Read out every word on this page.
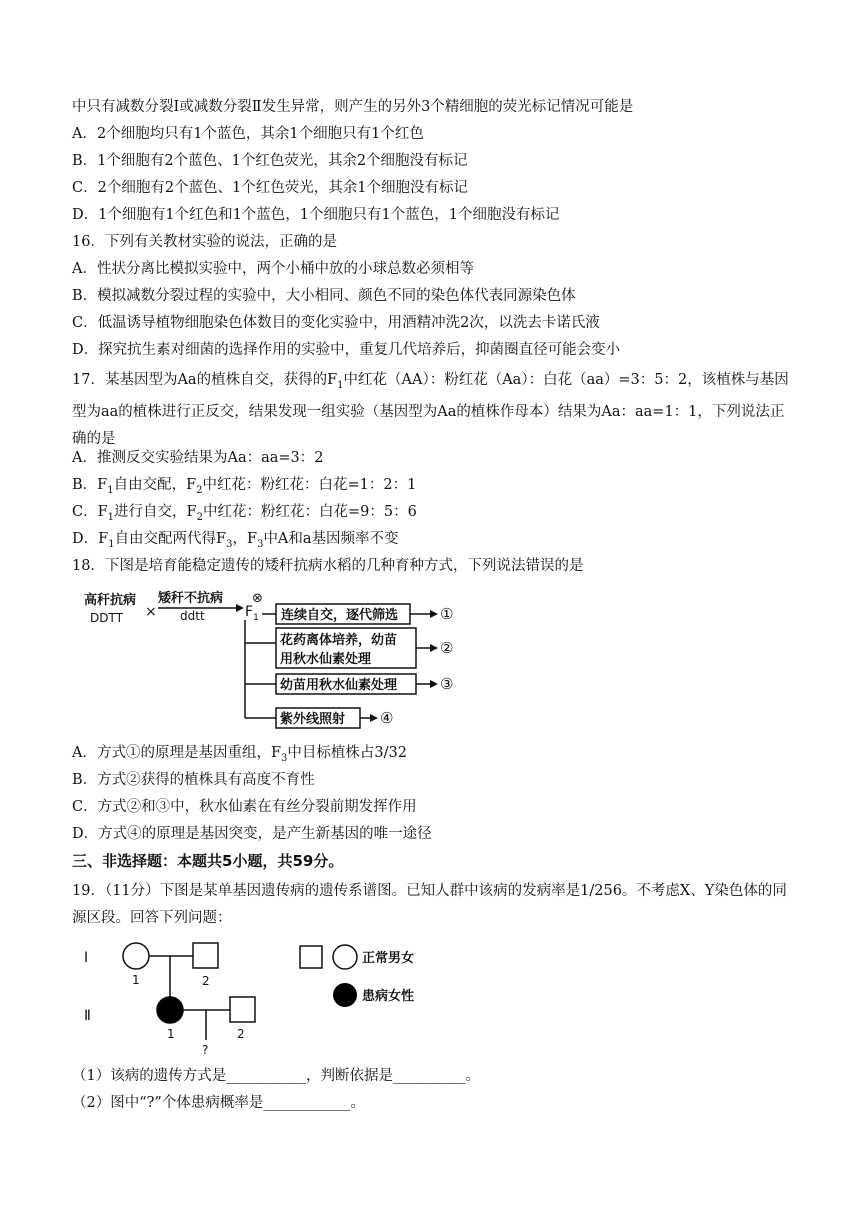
中只有减数分裂Ⅰ或减数分裂Ⅱ发生异常，则产生的另外3个精细胞的荧光标记情况可能是
A．2个细胞均只有1个蓝色，其余1个细胞只有1个红色
B．1个细胞有2个蓝色、1个红色荧光，其余2个细胞没有标记
C．2个细胞有2个蓝色、1个红色荧光，其余1个细胞没有标记
D．1个细胞有1个红色和1个蓝色，1个细胞只有1个蓝色，1个细胞没有标记
16．下列有关教材实验的说法，正确的是
A．性状分离比模拟实验中，两个小桶中放的小球总数必须相等
B．模拟减数分裂过程的实验中，大小相同、颜色不同的染色体代表同源染色体
C．低温诱导植物细胞染色体数目的变化实验中，用酒精冲洗2次，以洗去卡诺氏液
D．探究抗生素对细菌的选择作用的实验中，重复几代培养后，抑菌圈直径可能会变小
17．某基因型为Aa的植株自交，获得的$F_1$中红花（AA）：粉红花（Aa）：白花（aa）=3：5：2，该植株与基因型为aa的植株进行正反交，结果发现一组实验（基因型为Aa的植株作母本）结果为Aa：aa=1：1，下列说法正确的是
A．推测反交实验结果为Aa：aa=3：2
B．$F_1$自由交配，$F_2$中红花：粉红花：白花=1：2：1
C．$F_1$进行自交，$F_2$中红花：粉红花：白花=9：5：6
D．$F_1$自由交配两代得$F_3$，$F_3$中A和a基因频率不变
18．下图是培育能稳定遗传的矮秆抗病水稻的几种育种方式，下列说法错误的是
高秆抗病
DDTT ×
矮秆不抗病
ddtt	$F_1$
⊗
连续自交，逐代筛选	①
花药离体培养，幼苗
用秋水仙素处理
②
幼苗用秋水仙素处理	③
紫外线照射 ④
A．方式①的原理是基因重组，$F_3$中目标植株占3/32
B．方式②获得的植株具有高度不育性
C．方式②和③中，秋水仙素在有丝分裂前期发挥作用
D．方式④的原理是基因突变，是产生新基因的唯一途径
三、非选择题：本题共5小题，共59分。
19．（11分）下图是某单基因遗传病的遗传系谱图。已知人群中该病的发病率是1/256。不考虑X、Y染色体的同源区段。回答下列问题：
Ⅰ
Ⅱ
1	2
1	2
?
正常男女
患病女性
（1）该病的遗传方式是___________，判断依据是__________。
（2）图中“?”个体患病概率是____________。
